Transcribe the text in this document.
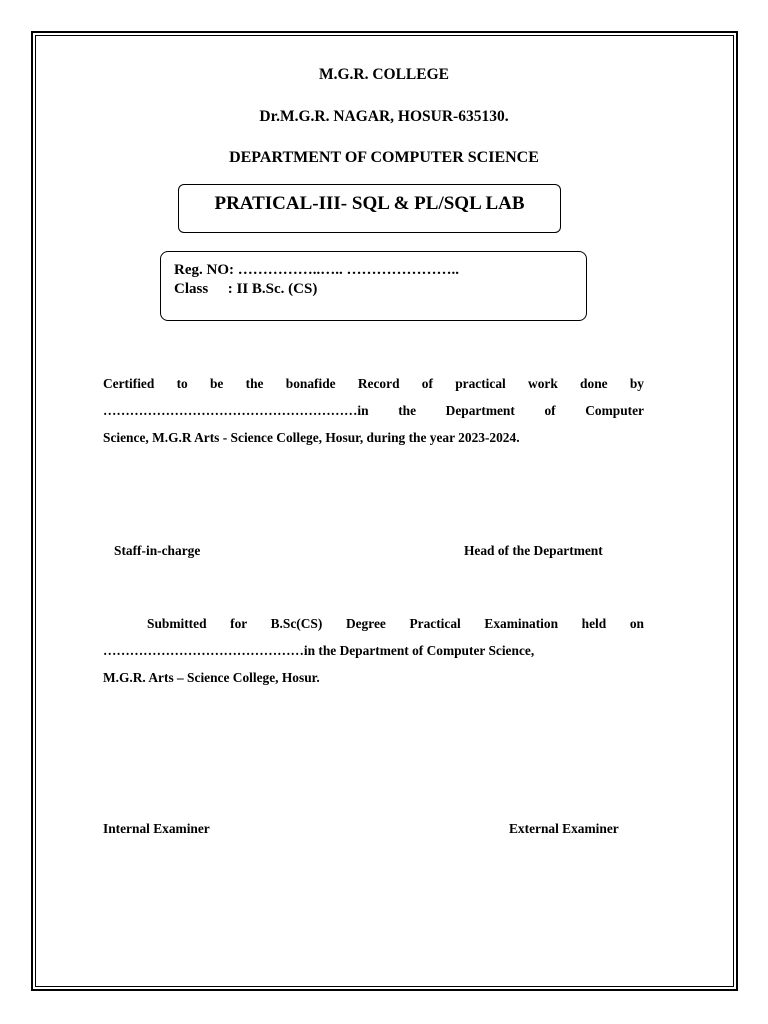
M.G.R. COLLEGE
Dr.M.G.R. NAGAR, HOSUR-635130.
DEPARTMENT OF COMPUTER SCIENCE
PRATICAL-III- SQL & PL/SQL LAB
Reg. NO: ……………..….. …………………..
Class : II B.Sc. (CS)
Certified to be the bonafide Record of practical work done by
…………………………………………………in the Department of Computer
Science, M.G.R Arts - Science College, Hosur, during the year 2023-2024.
Staff-in-charge	Head of the Department
Submitted for B.Sc(CS) Degree Practical Examination held on
………………………………………in the Department of Computer Science,
M.G.R. Arts – Science College, Hosur.
Internal Examiner	External Examiner
